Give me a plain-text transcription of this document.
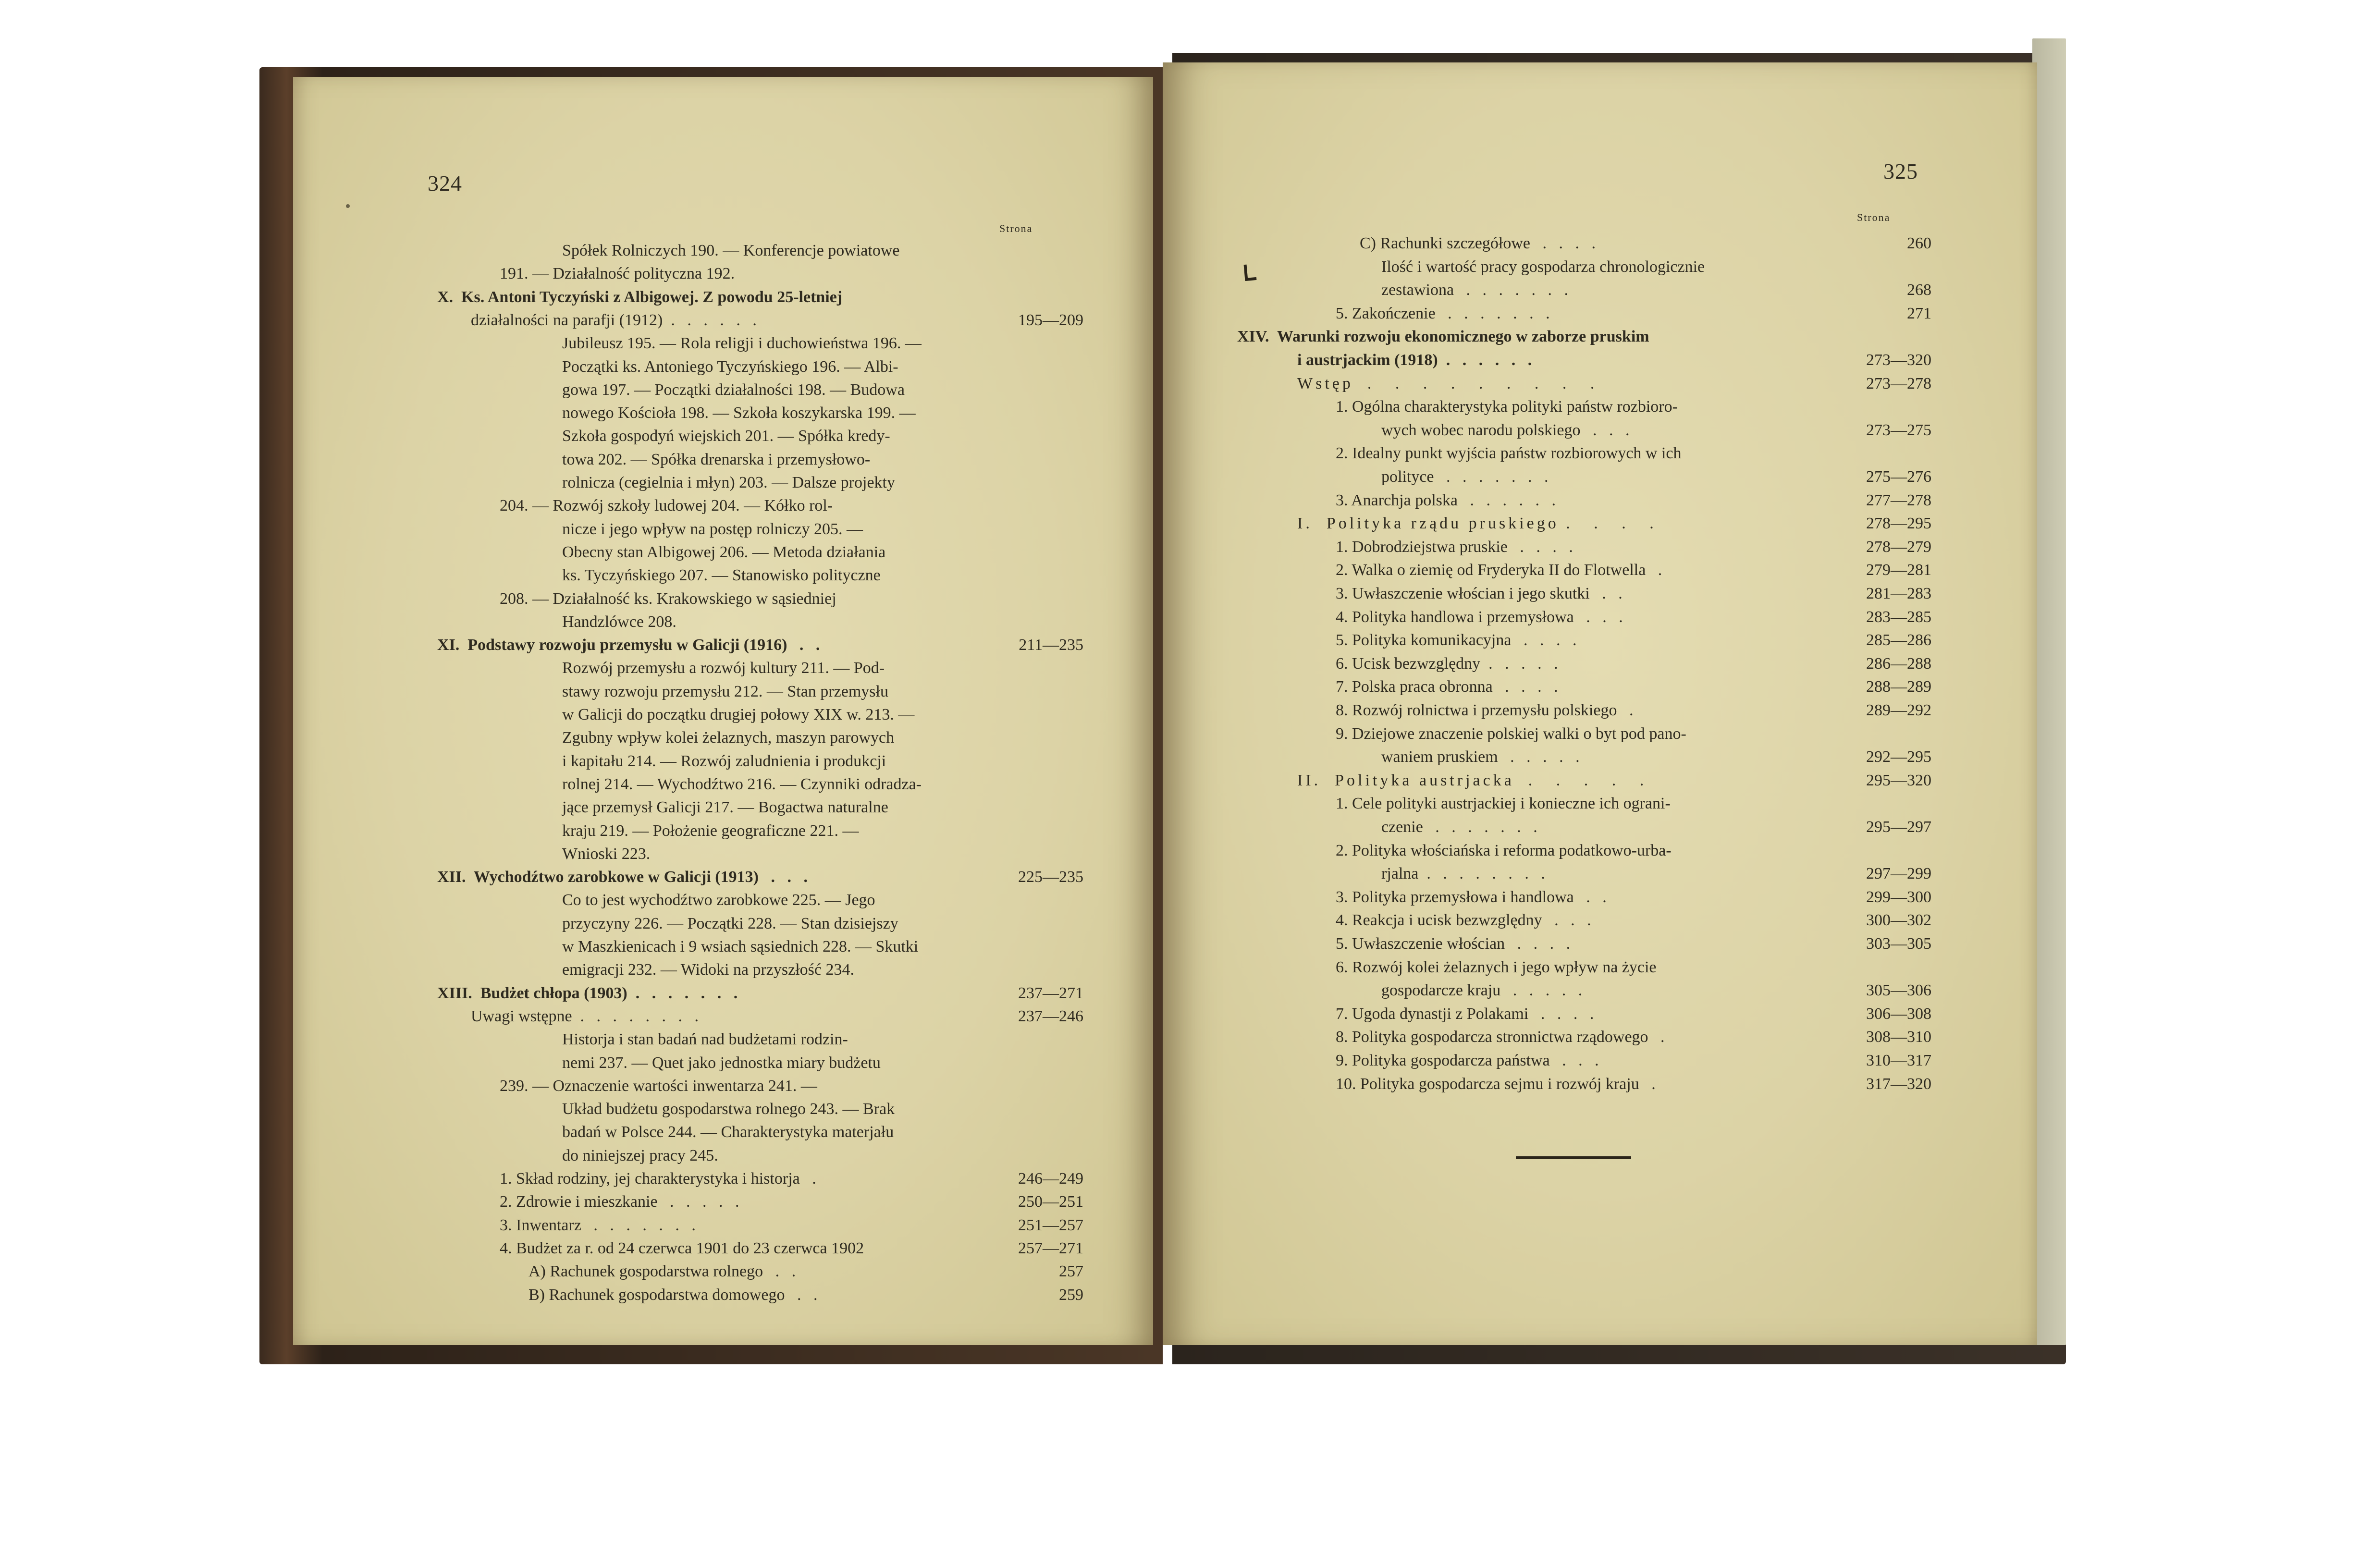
324
Strona
Spółek Rolniczych 190. — Konferencje powiatowe
191. — Działalność polityczna 192.
X.  Ks. Antoni Tyczyński z Albigowej. Z powodu 25-letniej
działalności na parafji (1912)  .   .   .   .   .   .	195—209
Jubileusz 195. — Rola religji i duchowieństwa 196. —
Początki ks. Antoniego Tyczyńskiego 196. — Albi-
gowa 197. — Początki działalności 198. — Budowa
nowego Kościoła 198. — Szkoła koszykarska 199. —
Szkoła gospodyń wiejskich 201. — Spółka kredy-
towa 202. — Spółka drenarska i przemysłowo-
rolnicza (cegielnia i młyn) 203. — Dalsze projekty
204. — Rozwój szkoły ludowej 204. — Kółko rol-
nicze i jego wpływ na postęp rolniczy 205. —
Obecny stan Albigowej 206. — Metoda działania
ks. Tyczyńskiego 207. — Stanowisko polityczne
208. — Działalność ks. Krakowskiego w sąsiedniej
Handzlówce 208.
XI.  Podstawy rozwoju przemysłu w Galicji (1916)   .   .	211—235
Rozwój przemysłu a rozwój kultury 211. — Pod-
stawy rozwoju przemysłu 212. — Stan przemysłu
w Galicji do początku drugiej połowy XIX w. 213. —
Zgubny wpływ kolei żelaznych, maszyn parowych
i kapitału 214. — Rozwój zaludnienia i produkcji
rolnej 214. — Wychodźtwo 216. — Czynniki odradza-
jące przemysł Galicji 217. — Bogactwa naturalne
kraju 219. — Położenie geograficzne 221. —
Wnioski 223.
XII.  Wychodźtwo zarobkowe w Galicji (1913)   .   .   .	225—235
Co to jest wychodźtwo zarobkowe 225. — Jego
przyczyny 226. — Początki 228. — Stan dzisiejszy
w Maszkienicach i 9 wsiach sąsiednich 228. — Skutki
emigracji 232. — Widoki na przyszłość 234.
XIII.  Budżet chłopa (1903)  .   .   .   .   .   .   .	237—271
Uwagi wstępne  .   .   .   .   .   .   .   .	237—246
Historja i stan badań nad budżetami rodzin-
nemi 237. — Quet jako jednostka miary budżetu
239. — Oznaczenie wartości inwentarza 241. —
Układ budżetu gospodarstwa rolnego 243. — Brak
badań w Polsce 244. — Charakterystyka materjału
do niniejszej pracy 245.
1. Skład rodziny, jej charakterystyka i historja   .	246—249
2. Zdrowie i mieszkanie   .   .   .   .   .	250—251
3. Inwentarz   .   .   .   .   .   .   .	251—257
4. Budżet za r. od 24 czerwca 1901 do 23 czerwca 1902	257—271
A) Rachunek gospodarstwa rolnego   .   .	257
B) Rachunek gospodarstwa domowego   .   .	259
325
Strona
C) Rachunki szczegółowe   .   .   .   .	260
Ilość i wartość pracy gospodarza chronologicznie
zestawiona   .   .   .   .   .   .   .	268
5. Zakończenie   .   .   .   .   .   .   .	271
XIV.  Warunki rozwoju ekonomicznego w zaborze pruskim
i austrjackim (1918)  .   .   .   .   .   .	273—320
Wstęp  .   .   .   .   .   .   .   .   .	273—278
1. Ogólna charakterystyka polityki państw rozbioro-
wych wobec narodu polskiego   .   .   .	273—275
2. Idealny punkt wyjścia państw rozbiorowych w ich
polityce   .   .   .   .   .   .   .	275—276
3. Anarchja polska   .   .   .   .   .   .	277—278
I.  Polityka rządu pruskiego .   .   .   .	278—295
1. Dobrodziejstwa pruskie   .   .   .   .	278—279
2. Walka o ziemię od Fryderyka II do Flotwella   .	279—281
3. Uwłaszczenie włościan i jego skutki   .   .	281—283
4. Polityka handlowa i przemysłowa   .   .   .	283—285
5. Polityka komunikacyjna   .   .   .   .	285—286
6. Ucisk bezwzględny  .   .   .   .   .	286—288
7. Polska praca obronna   .   .   .   .	288—289
8. Rozwój rolnictwa i przemysłu polskiego   .	289—292
9. Dziejowe znaczenie polskiej walki o byt pod pano-
waniem pruskiem   .   .   .   .   .	292—295
II.  Polityka austrjacka  .   .   .   .   .	295—320
1. Cele polityki austrjackiej i konieczne ich ograni-
czenie   .   .   .   .   .   .   .	295—297
2. Polityka włościańska i reforma podatkowo-urba-
rjalna  .   .   .   .   .   .   .   .	297—299
3. Polityka przemysłowa i handlowa   .   .	299—300
4. Reakcja i ucisk bezwzględny   .   .   .	300—302
5. Uwłaszczenie włościan   .   .   .   .	303—305
6. Rozwój kolei żelaznych i jego wpływ na życie
gospodarcze kraju   .   .   .   .   .	305—306
7. Ugoda dynastji z Polakami   .   .   .   .	306—308
8. Polityka gospodarcza stronnictwa rządowego   .	308—310
9. Polityka gospodarcza państwa   .   .   .	310—317
10. Polityka gospodarcza sejmu i rozwój kraju   .	317—320
